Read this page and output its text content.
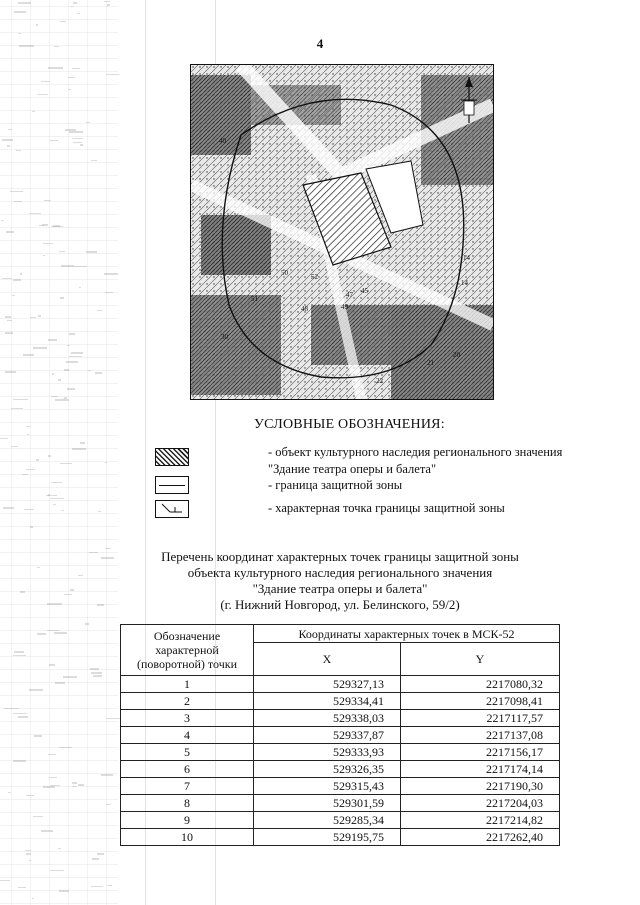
4
40
14
20
21
22
48
47 45
30
49
50
51
52
14
УСЛОВНЫЕ ОБОЗНАЧЕНИЯ:
- объект культурного наследия регионального значения "Здание театра оперы и балета"
- граница защитной зоны
- характерная точка границы защитной зоны
Перечень координат характерных точек границы защитной зоны
объекта культурного наследия регионального значения
"Здание театра оперы и балета"
(г. Нижний Новгород, ул. Белинского, 59/2)
Обозначение характерной (поворотной) точки	Координаты характерных точек в МСК-52	
	X	Y
1	529327,13	2217080,32
2	529334,41	2217098,41
3	529338,03	2217117,57
4	529337,87	2217137,08
5	529333,93	2217156,17
6	529326,35	2217174,14
7	529315,43	2217190,30
8	529301,59	2217204,03
9	529285,34	2217214,82
10	529195,75	2217262,40
